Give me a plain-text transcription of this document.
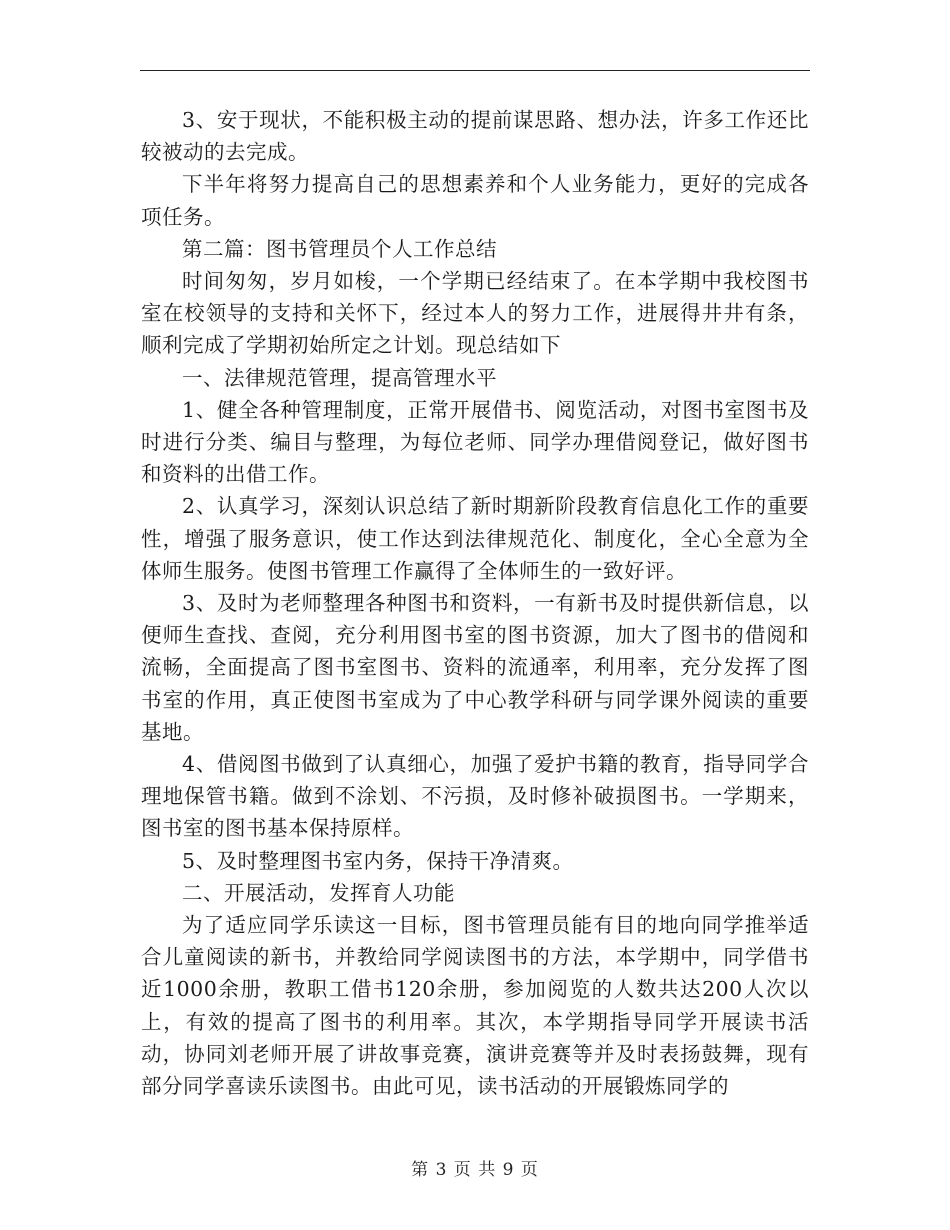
3、安于现状，不能积极主动的提前谋思路、想办法，许多工作还比较被动的去完成。

下半年将努力提高自己的思想素养和个人业务能力，更好的完成各项任务。

第二篇：图书管理员个人工作总结

时间匆匆，岁月如梭，一个学期已经结束了。在本学期中我校图书室在校领导的支持和关怀下，经过本人的努力工作，进展得井井有条，顺利完成了学期初始所定之计划。现总结如下

一、法律规范管理，提高管理水平

1、健全各种管理制度，正常开展借书、阅览活动，对图书室图书及时进行分类、编目与整理，为每位老师、同学办理借阅登记，做好图书和资料的出借工作。

2、认真学习，深刻认识总结了新时期新阶段教育信息化工作的重要性，增强了服务意识，使工作达到法律规范化、制度化，全心全意为全体师生服务。使图书管理工作赢得了全体师生的一致好评。

3、及时为老师整理各种图书和资料，一有新书及时提供新信息，以便师生查找、查阅，充分利用图书室的图书资源，加大了图书的借阅和流畅，全面提高了图书室图书、资料的流通率，利用率，充分发挥了图书室的作用，真正使图书室成为了中心教学科研与同学课外阅读的重要基地。

4、借阅图书做到了认真细心，加强了爱护书籍的教育，指导同学合理地保管书籍。做到不涂划、不污损，及时修补破损图书。一学期来，图书室的图书基本保持原样。

5、及时整理图书室内务，保持干净清爽。

二、开展活动，发挥育人功能

为了适应同学乐读这一目标，图书管理员能有目的地向同学推举适合儿童阅读的新书，并教给同学阅读图书的方法，本学期中，同学借书近1000余册，教职工借书120余册，参加阅览的人数共达200人次以上，有效的提高了图书的利用率。其次，本学期指导同学开展读书活动，协同刘老师开展了讲故事竞赛，演讲竞赛等并及时表扬鼓舞，现有部分同学喜读乐读图书。由此可见，读书活动的开展锻炼同学的

第 3 页 共 9 页
